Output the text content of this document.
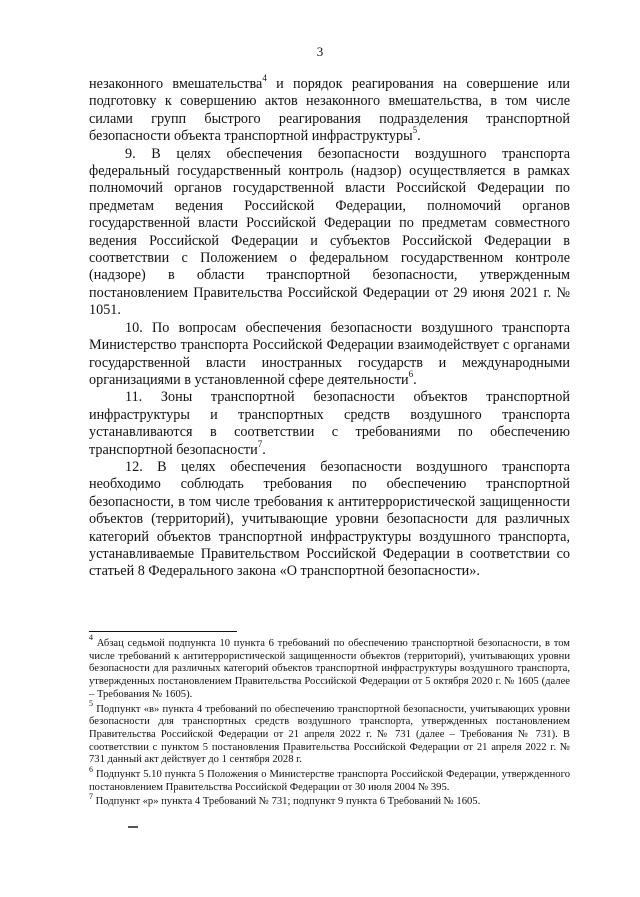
3

незаконного вмешательства$^4$ и порядок реагирования на совершение или подготовку к совершению актов незаконного вмешательства, в том числе силами групп быстрого реагирования подразделения транспортной безопасности объекта транспортной инфраструктуры$^5$.

9. В целях обеспечения безопасности воздушного транспорта федеральный государственный контроль (надзор) осуществляется в рамках полномочий органов государственной власти Российской Федерации по предметам ведения Российской Федерации, полномочий органов государственной власти Российской Федерации по предметам совместного ведения Российской Федерации и субъектов Российской Федерации в соответствии с Положением о федеральном государственном контроле (надзоре) в области транспортной безопасности, утвержденным постановлением Правительства Российской Федерации от 29 июня 2021 г. № 1051.

10. По вопросам обеспечения безопасности воздушного транспорта Министерство транспорта Российской Федерации взаимодействует с органами государственной власти иностранных государств и международными организациями в установленной сфере деятельности$^6$.

11. Зоны транспортной безопасности объектов транспортной инфраструктуры и транспортных средств воздушного транспорта устанавливаются в соответствии с требованиями по обеспечению транспортной безопасности$^7$.

12. В целях обеспечения безопасности воздушного транспорта необходимо соблюдать требования по обеспечению транспортной безопасности, в том числе требования к антитеррористической защищенности объектов (территорий), учитывающие уровни безопасности для различных категорий объектов транспортной инфраструктуры воздушного транспорта, устанавливаемые Правительством Российской Федерации в соответствии со статьей 8 Федерального закона «О транспортной безопасности».

$^4$ Абзац седьмой подпункта 10 пункта 6 требований по обеспечению транспортной безопасности, в том числе требований к антитеррористической защищенности объектов (территорий), учитывающих уровни безопасности для различных категорий объектов транспортной инфраструктуры воздушного транспорта, утвержденных постановлением Правительства Российской Федерации от 5 октября 2020 г. № 1605 (далее – Требования № 1605).

$^5$ Подпункт «в» пункта 4 требований по обеспечению транспортной безопасности, учитывающих уровни безопасности для транспортных средств воздушного транспорта, утвержденных постановлением Правительства Российской Федерации от 21 апреля 2022 г. № 731 (далее – Требования № 731). В соответствии с пунктом 5 постановления Правительства Российской Федерации от 21 апреля 2022 г. № 731 данный акт действует до 1 сентября 2028 г.

$^6$ Подпункт 5.10 пункта 5 Положения о Министерстве транспорта Российской Федерации, утвержденного постановлением Правительства Российской Федерации от 30 июля 2004 № 395.

$^7$ Подпункт «р» пункта 4 Требований № 731; подпункт 9 пункта 6 Требований № 1605.
